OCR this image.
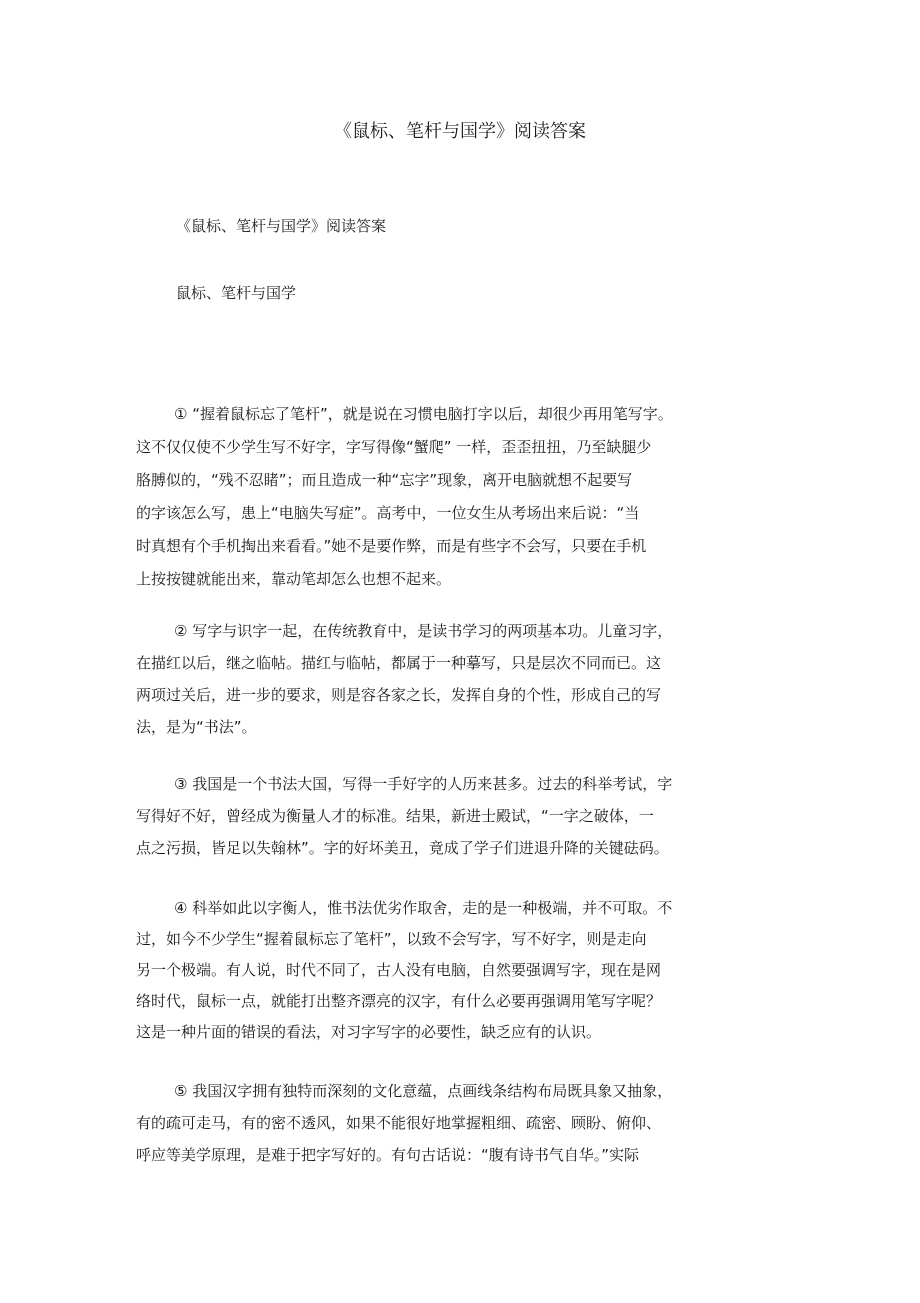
《鼠标、笔杆与国学》阅读答案
《鼠标、笔杆与国学》阅读答案
鼠标、笔杆与国学
① “握着鼠标忘了笔杆”，就是说在习惯电脑打字以后，却很少再用笔写字。
这不仅仅使不少学生写不好字，字写得像“蟹爬” 一样，歪歪扭扭，乃至缺腿少
胳膊似的，“残不忍睹”；而且造成一种“忘字”现象，离开电脑就想不起要写
的字该怎么写，患上“电脑失写症”。高考中，一位女生从考场出来后说：“当
时真想有个手机掏出来看看。”她不是要作弊，而是有些字不会写，只要在手机
上按按键就能出来，靠动笔却怎么也想不起来。
② 写字与识字一起，在传统教育中，是读书学习的两项基本功。儿童习字，
在描红以后，继之临帖。描红与临帖，都属于一种摹写，只是层次不同而已。这
两项过关后，进一步的要求，则是容各家之长，发挥自身的个性，形成自己的写
法，是为“书法”。
③ 我国是一个书法大国，写得一手好字的人历来甚多。过去的科举考试，字
写得好不好，曾经成为衡量人才的标准。结果，新进士殿试，“一字之破体，一
点之污损，皆足以失翰林”。字的好坏美丑，竟成了学子们进退升降的关键砝码。
④ 科举如此以字衡人，惟书法优劣作取舍，走的是一种极端，并不可取。不
过，如今不少学生“握着鼠标忘了笔杆”，以致不会写字，写不好字，则是走向
另一个极端。有人说，时代不同了，古人没有电脑，自然要强调写字，现在是网
络时代，鼠标一点，就能打出整齐漂亮的汉字，有什么必要再强调用笔写字呢？
这是一种片面的错误的看法，对习字写字的必要性，缺乏应有的认识。
⑤ 我国汉字拥有独特而深刻的文化意蕴，点画线条结构布局既具象又抽象，
有的疏可走马，有的密不透风，如果不能很好地掌握粗细、疏密、顾盼、俯仰、
呼应等美学原理，是难于把字写好的。有句古话说：“腹有诗书气自华。”实际
